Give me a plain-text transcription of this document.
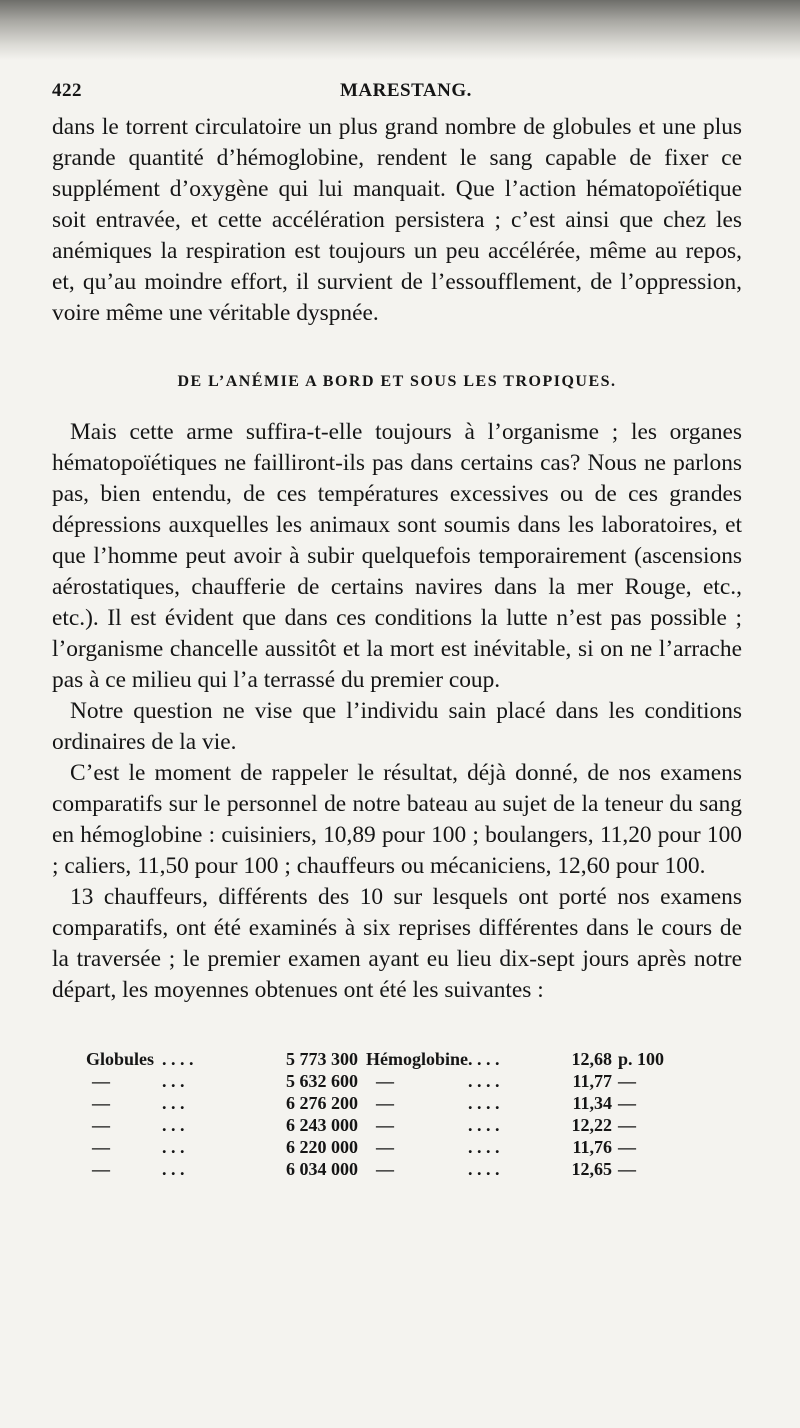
422	MARESTANG.

dans le torrent circulatoire un plus grand nombre de globules et une plus grande quantité d’hémoglobine, rendent le sang capable de fixer ce supplément d’oxygène qui lui manquait. Que l’action hématopoïétique soit entravée, et cette accélération persistera ; c’est ainsi que chez les anémiques la respiration est toujours un peu accélérée, même au repos, et, qu’au moindre effort, il survient de l’essoufflement, de l’oppression, voire même une véritable dyspnée.

DE L’ANÉMIE A BORD ET SOUS LES TROPIQUES.

Mais cette arme suffira-t-elle toujours à l’organisme ; les organes hématopoïétiques ne failliront-ils pas dans certains cas? Nous ne parlons pas, bien entendu, de ces températures excessives ou de ces grandes dépressions auxquelles les animaux sont soumis dans les laboratoires, et que l’homme peut avoir à subir quelquefois temporairement (ascensions aérostatiques, chaufferie de certains navires dans la mer Rouge, etc., etc.). Il est évident que dans ces conditions la lutte n’est pas possible ; l’organisme chancelle aussitôt et la mort est inévitable, si on ne l’arrache pas à ce milieu qui l’a terrassé du premier coup.

Notre question ne vise que l’individu sain placé dans les conditions ordinaires de la vie.

C’est le moment de rappeler le résultat, déjà donné, de nos examens comparatifs sur le personnel de notre bateau au sujet de la teneur du sang en hémoglobine : cuisiniers, 10,89 pour 100 ; boulangers, 11,20 pour 100 ; caliers, 11,50 pour 100 ; chauffeurs ou mécaniciens, 12,60 pour 100.

13 chauffeurs, différents des 10 sur lesquels ont porté nos examens comparatifs, ont été examinés à six reprises différentes dans le cours de la traversée ; le premier examen ayant eu lieu dix-sept jours après notre départ, les moyennes obtenues ont été les suivantes :

Globules	. . . .	5 773 300	Hémoglobine	. . . .	12,68	p. 100
—	. . .	5 632 600	—	. . . .	11,77	—
—	. . .	6 276 200	—	. . . .	11,34	—
—	. . .	6 243 000	—	. . . .	12,22	—
—	. . .	6 220 000	—	. . . .	11,76	—
—	. . .	6 034 000	—	. . . .	12,65	—
